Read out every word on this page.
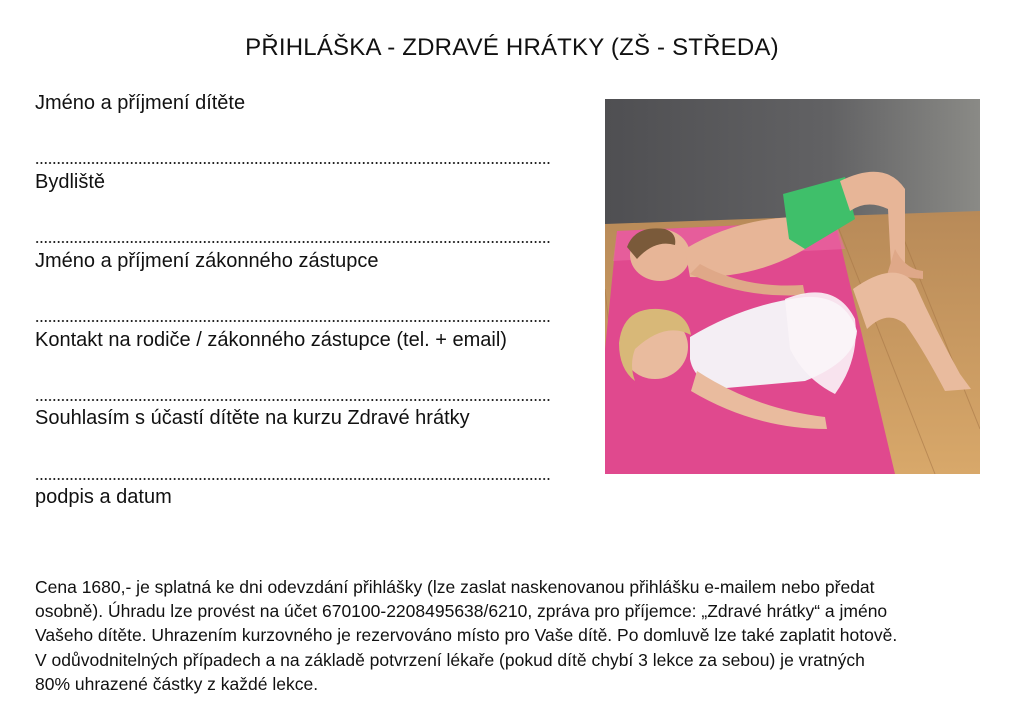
PŘIHLÁŠKA - ZDRAVÉ HRÁTKY (ZŠ - STŘEDA)
Jméno a příjmení dítěte
Bydliště
Jméno a příjmení zákonného zástupce
Kontakt na rodiče / zákonného zástupce (tel. + email)
Souhlasím s účastí dítěte na kurzu Zdravé hrátky
podpis a datum
Cena 1680,- je splatná ke dni odevzdání přihlášky (lze zaslat naskenovanou přihlášku e-mailem nebo předat
osobně). Úhradu lze provést na účet 670100-2208495638/6210, zpráva pro příjemce: „Zdravé hrátky“ a jméno
Vašeho dítěte. Uhrazením kurzovného je rezervováno místo pro Vaše dítě. Po domluvě lze také zaplatit hotově.
V odůvodnitelných případech a na základě potvrzení lékaře (pokud dítě chybí 3 lekce za sebou) je vratných
80% uhrazené částky z každé lekce.
